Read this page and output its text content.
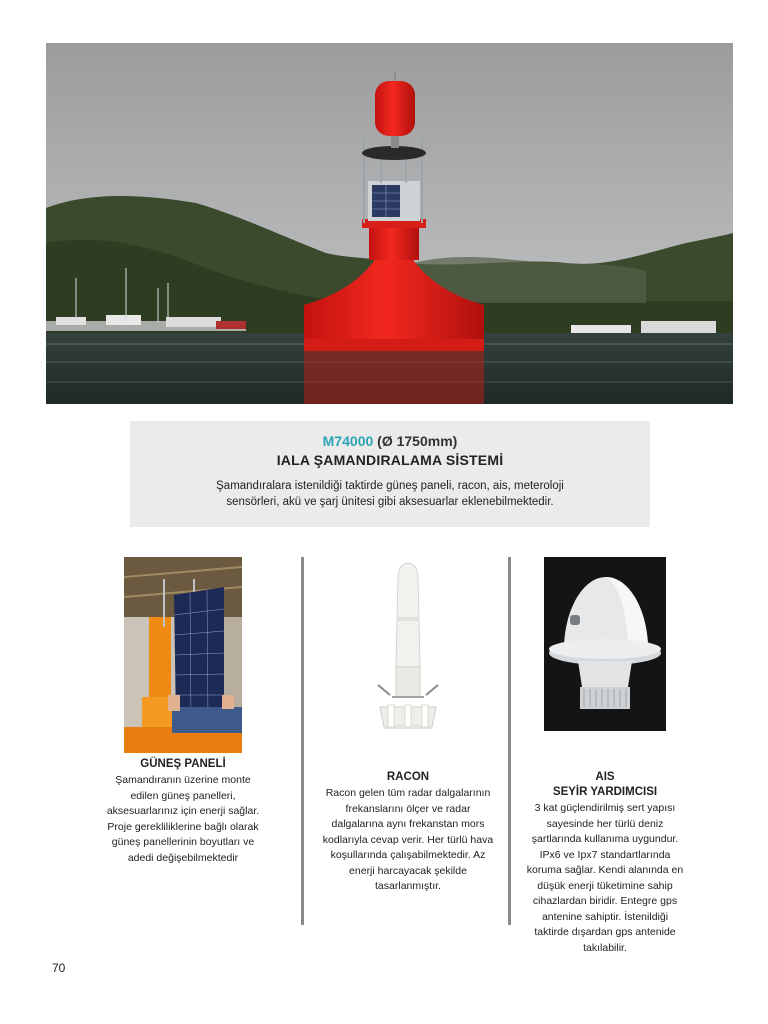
M74000 (Ø 1750mm)
IALA ŞAMANDIRALAMA SİSTEMİ
Şamandıralara istenildiği taktirde güneş paneli, racon, ais, meteroloji sensörleri, akü ve şarj ünitesi gibi aksesuarlar eklenebilmektedir.
GÜNEŞ PANELİ
Şamandıranın üzerine monte edilen güneş panelleri, aksesuarlarınız için enerji sağlar. Proje gerekliliklerine bağlı olarak güneş panellerinin boyutları ve adedi değişebilmektedir
RACON
Racon gelen tüm radar dalgalarının frekanslarını ölçer ve radar dalgalarına aynı frekanstan mors kodlarıyla cevap verir. Her türlü hava koşullarında çalışabilmektedir. Az enerji harcayacak şekilde tasarlanmıştır.
AIS
SEYİR YARDIMCISI
3 kat güçlendirilmiş sert yapısı sayesinde her türlü deniz şartlarında kullanıma uygundur. IPx6 ve Ipx7 standartlarında koruma sağlar. Kendi alanında en düşük enerji tüketimine sahip cihazlardan biridir. Entegre gps antenine sahiptir. İstenildiği taktirde dışardan gps antenide takılabilir.
70
